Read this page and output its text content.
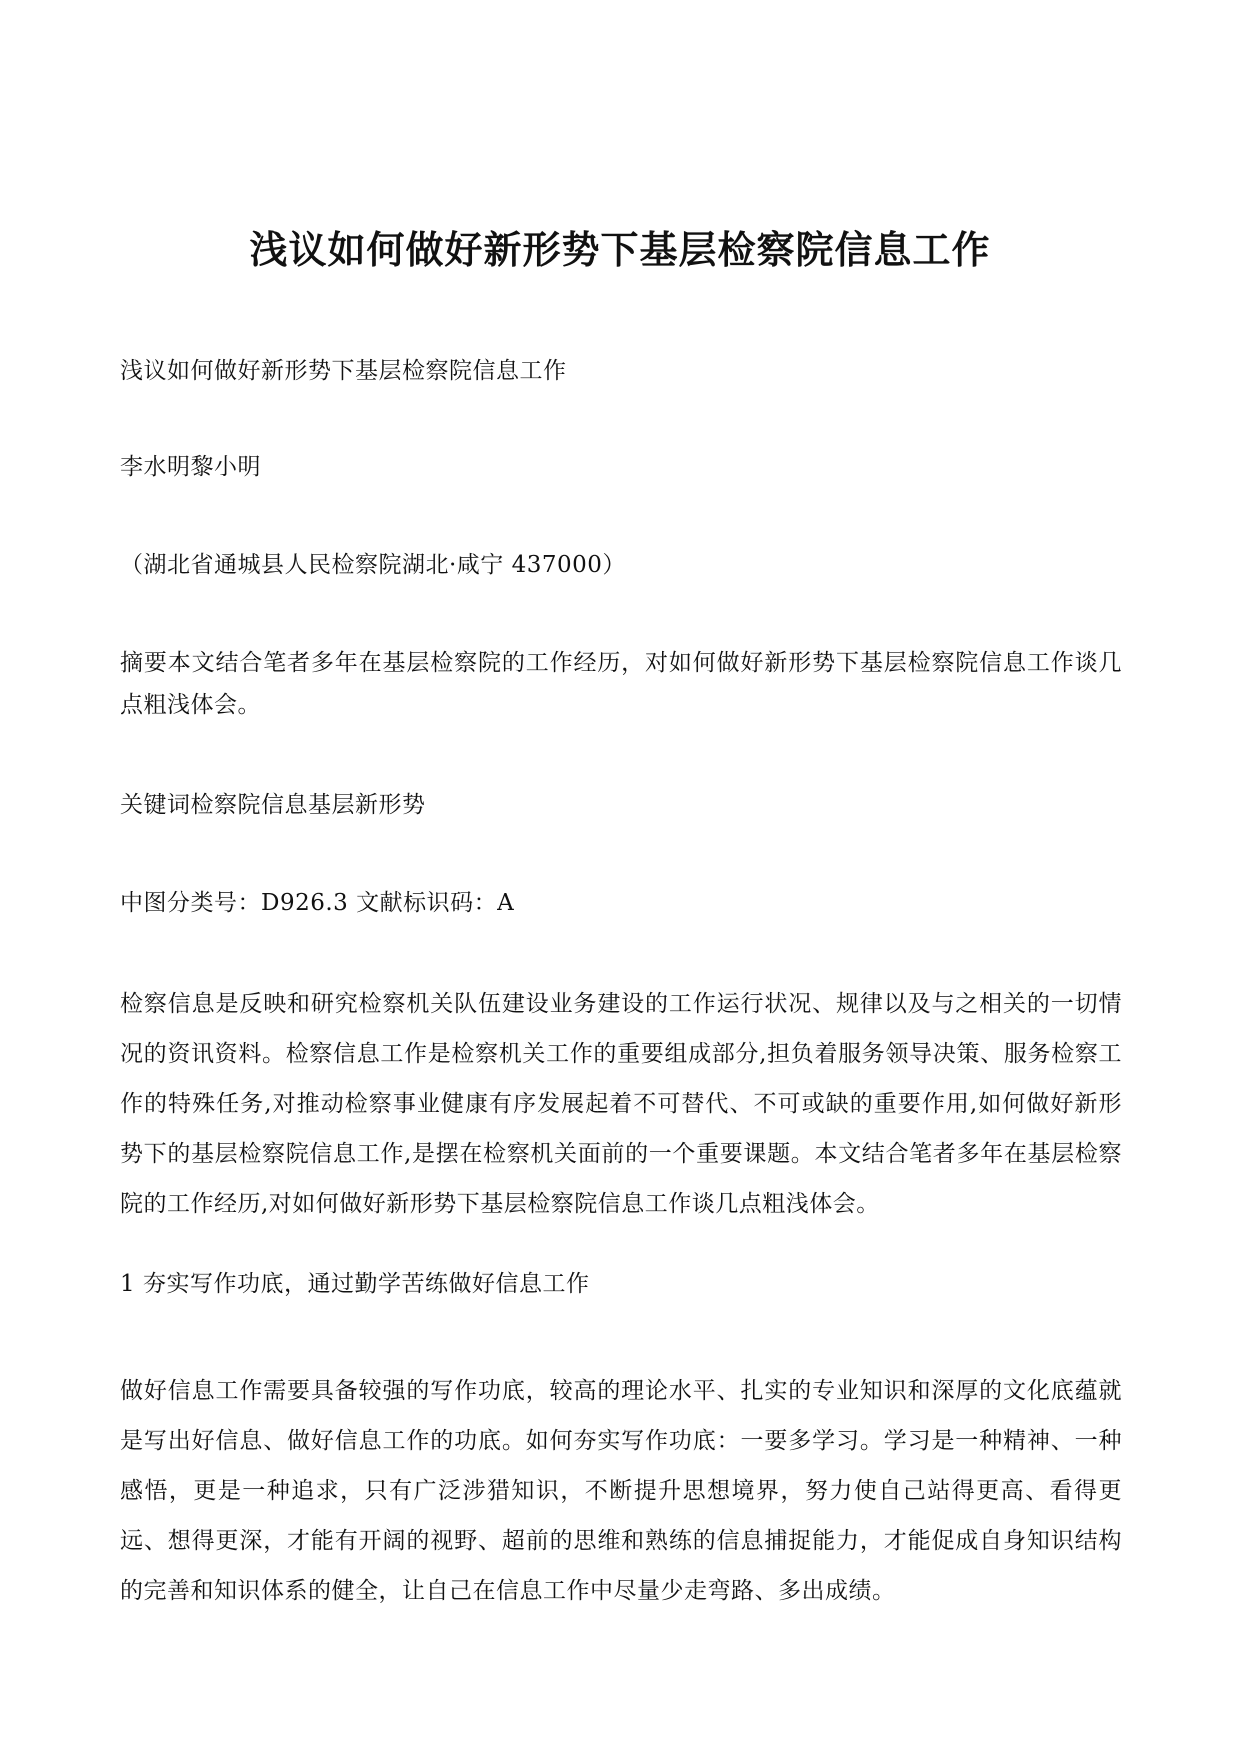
浅议如何做好新形势下基层检察院信息工作

浅议如何做好新形势下基层检察院信息工作

李水明黎小明

（湖北省通城县人民检察院湖北·咸宁 437000）

摘要本文结合笔者多年在基层检察院的工作经历，对如何做好新形势下基层检察院信息工作谈几点粗浅体会。

关键词检察院信息基层新形势

中图分类号：D926.3 文献标识码：A

检察信息是反映和研究检察机关队伍建设业务建设的工作运行状况、规律以及与之相关的一切情况的资讯资料。检察信息工作是检察机关工作的重要组成部分,担负着服务领导决策、服务检察工作的特殊任务,对推动检察事业健康有序发展起着不可替代、不可或缺的重要作用,如何做好新形势下的基层检察院信息工作,是摆在检察机关面前的一个重要课题。本文结合笔者多年在基层检察院的工作经历,对如何做好新形势下基层检察院信息工作谈几点粗浅体会。

1 夯实写作功底，通过勤学苦练做好信息工作

做好信息工作需要具备较强的写作功底，较高的理论水平、扎实的专业知识和深厚的文化底蕴就是写出好信息、做好信息工作的功底。如何夯实写作功底：一要多学习。学习是一种精神、一种感悟，更是一种追求，只有广泛涉猎知识，不断提升思想境界，努力使自己站得更高、看得更远、想得更深，才能有开阔的视野、超前的思维和熟练的信息捕捉能力，才能促成自身知识结构的完善和知识体系的健全，让自己在信息工作中尽量少走弯路、多出成绩。
